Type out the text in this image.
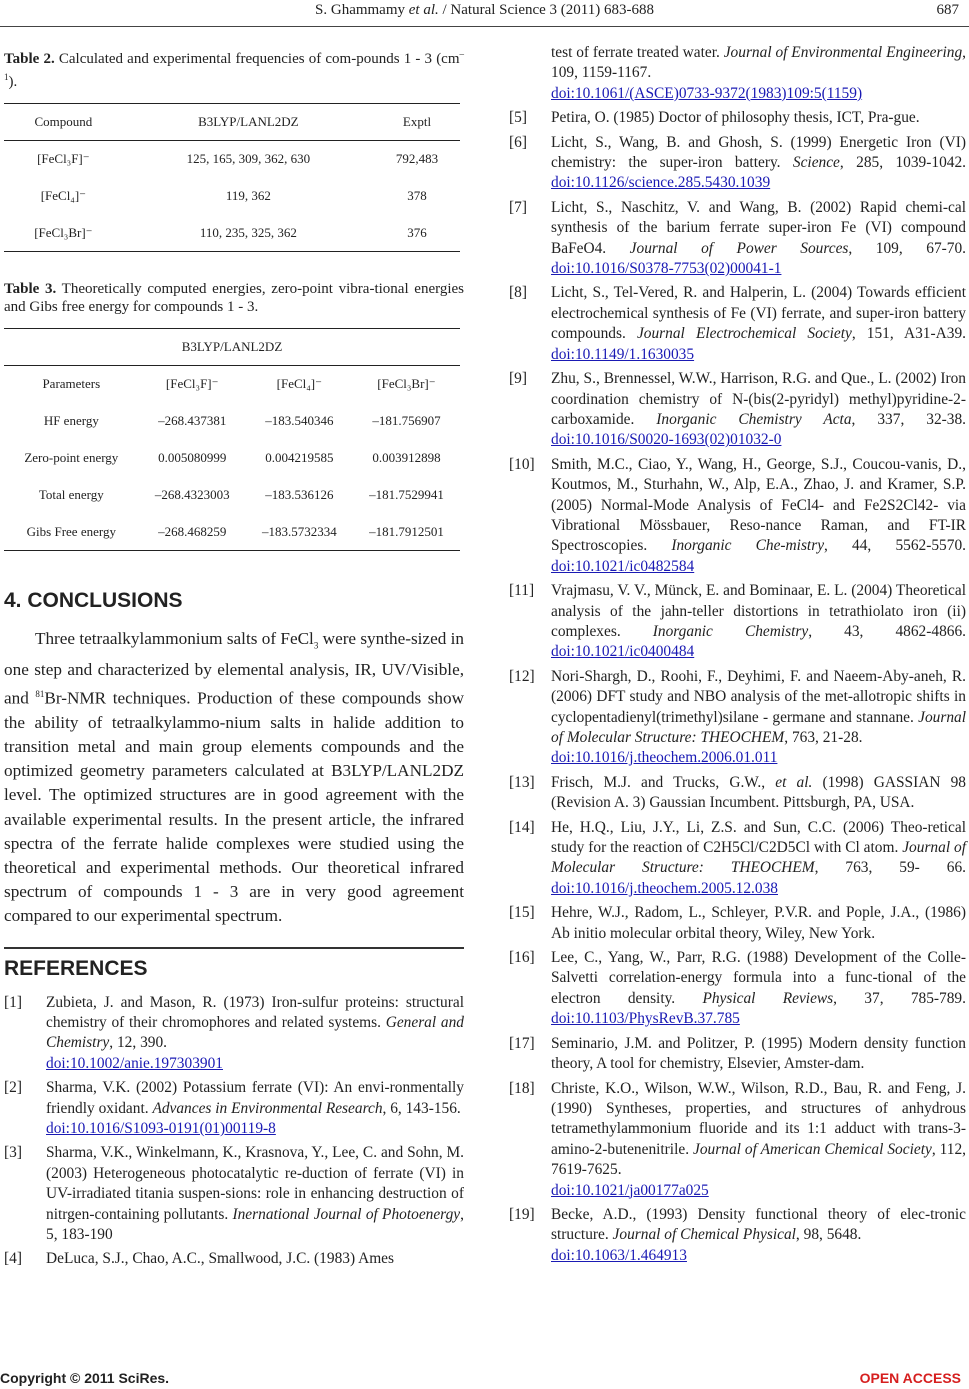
S. Ghammamy et al. / Natural Science 3 (2011) 683-688	687

Table 2. Calculated and experimental frequencies of com-pounds 1 - 3 $(cm^{-1})$.

Compound	B3LYP/LANL2DZ	Exptl
[FeCl₃F]⁻	125, 165, 309, 362, 630	792,483
[FeCl₄]⁻	119, 362	378
[FeCl₃Br]⁻	110, 235, 325, 362	376

Table 3. Theoretically computed energies, zero-point vibra-tional energies and Gibs free energy for compounds 1 - 3.

B3LYP/LANL2DZ			
Parameters	[FeCl₃F]⁻	[FeCl₄]⁻	[FeCl₃Br]⁻
HF energy	–268.437381	–183.540346	–181.756907
Zero-point energy	0.005080999	0.004219585	0.003912898
Total energy	–268.4323003	–183.536126	–181.7529941
Gibs Free energy	–268.468259	–183.5732334	–181.7912501
4. CONCLUSIONS

Three tetraalkylammonium salts of FeCl$_3$ were synthe-sized in one step and characterized by elemental analysis, IR, UV/Visible, and $^{81}$Br-NMR techniques. Production of these compounds show the ability of tetraalkylammo-nium salts in halide addition to transition metal and main group elements compounds and the optimized geometry parameters calculated at B3LYP/LANL2DZ level. The optimized structures are in good agreement with the available experimental results. In the present article, the infrared spectra of the ferrate halide complexes were studied using the theoretical and experimental methods. Our theoretical infrared spectrum of compounds 1 - 3 are in very good agreement compared to our experimental spectrum.

REFERENCES

[1] Zubieta, J. and Mason, R. (1973) Iron-sulfur proteins: structural chemistry of their chromophores and related systems. General and Chemistry, 12, 390.
doi:10.1002/anie.197303901

[2] Sharma, V.K. (2002) Potassium ferrate (VI): An envi-ronmentally friendly oxidant. Advances in Environmental Research, 6, 143-156.
doi:10.1016/S1093-0191(01)00119-8

[3] Sharma, V.K., Winkelmann, K., Krasnova, Y., Lee, C. and Sohn, M. (2003) Heterogeneous photocatalytic re-duction of ferrate (VI) in UV-irradiated titania suspen-sions: role in enhancing destruction of nitrgen-containing pollutants. Inernational Journal of Photoenergy, 5, 183-190

[4] DeLuca, S.J., Chao, A.C., Smallwood, J.C. (1983) Ames

test of ferrate treated water. Journal of Environmental Engineering, 109, 1159-1167.
doi:10.1061/(ASCE)0733-9372(1983)109:5(1159)

[5] Petira, O. (1985) Doctor of philosophy thesis, ICT, Pra-gue.

[6] Licht, S., Wang, B. and Ghosh, S. (1999) Energetic Iron (VI) chemistry: the super-iron battery. Science, 285, 1039-1042. doi:10.1126/science.285.5430.1039

[7] Licht, S., Naschitz, V. and Wang, B. (2002) Rapid chemi-cal synthesis of the barium ferrate super-iron Fe (VI) compound BaFeO4. Journal of Power Sources, 109, 67-70. doi:10.1016/S0378-7753(02)00041-1

[8] Licht, S., Tel-Vered, R. and Halperin, L. (2004) Towards efficient electrochemical synthesis of Fe (VI) ferrate, and super-iron battery compounds. Journal Electrochemical Society, 151, A31-A39. doi:10.1149/1.1630035

[9] Zhu, S., Brennessel, W.W., Harrison, R.G. and Que., L. (2002) Iron coordination chemistry of N-(bis(2-pyridyl) methyl)pyridine-2-carboxamide. Inorganic Chemistry Acta, 337, 32-38. doi:10.1016/S0020-1693(02)01032-0

[10] Smith, M.C., Ciao, Y., Wang, H., George, S.J., Coucou-vanis, D., Koutmos, M., Sturhahn, W., Alp, E.A., Zhao, J. and Kramer, S.P. (2005) Normal-Mode Analysis of FeCl4- and Fe2S2Cl42- via Vibrational Mössbauer, Reso-nance Raman, and FT-IR Spectroscopies. Inorganic Che-mistry, 44, 5562-5570. doi:10.1021/ic0482584

[11] Vrajmasu, V. V., Münck, E. and Bominaar, E. L. (2004) Theoretical analysis of the jahn-teller distortions in tetrathiolato iron (ii) complexes. Inorganic Chemistry, 43, 4862-4866. doi:10.1021/ic0400484

[12] Nori-Shargh, D., Roohi, F., Deyhimi, F. and Naeem-Aby-aneh, R. (2006) DFT study and NBO analysis of the met-allotropic shifts in cyclopentadienyl(trimethyl)silane - germane and stannane. Journal of Molecular Structure: THEOCHEM, 763, 21-28.
doi:10.1016/j.theochem.2006.01.011

[13] Frisch, M.J. and Trucks, G.W., et al. (1998) GASSIAN 98 (Revision A. 3) Gaussian Incumbent. Pittsburgh, PA, USA.

[14] He, H.Q., Liu, J.Y., Li, Z.S. and Sun, C.C. (2006) Theo-retical study for the reaction of C2H5Cl/C2D5Cl with Cl atom. Journal of Molecular Structure: THEOCHEM, 763, 59- 66. doi:10.1016/j.theochem.2005.12.038

[15] Hehre, W.J., Radom, L., Schleyer, P.V.R. and Pople, J.A., (1986) Ab initio molecular orbital theory, Wiley, New York.

[16] Lee, C., Yang, W., Parr, R.G. (1988) Development of the Colle-Salvetti correlation-energy formula into a func-tional of the electron density. Physical Reviews, 37, 785-789. doi:10.1103/PhysRevB.37.785

[17] Seminario, J.M. and Politzer, P. (1995) Modern density function theory, A tool for chemistry, Elsevier, Amster-dam.

[18] Christe, K.O., Wilson, W.W., Wilson, R.D., Bau, R. and Feng, J. (1990) Syntheses, properties, and structures of anhydrous tetramethylammonium fluoride and its 1:1 adduct with trans-3-amino-2-butenenitrile. Journal of American Chemical Society, 112, 7619-7625.
doi:10.1021/ja00177a025

[19] Becke, A.D., (1993) Density functional theory of elec-tronic structure. Journal of Chemical Physical, 98, 5648.
doi:10.1063/1.464913

Copyright © 2011 SciRes.	OPEN ACCESS
